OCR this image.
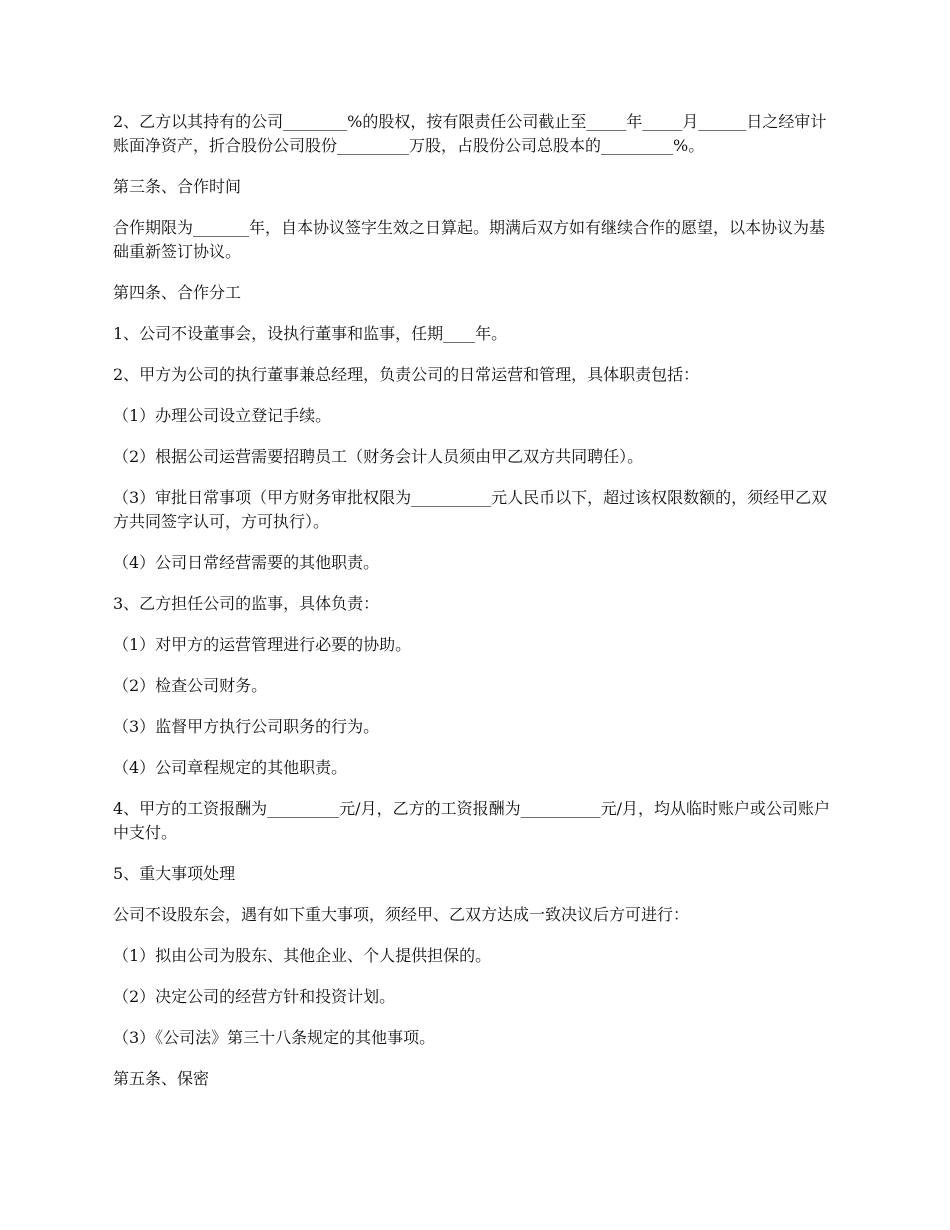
2、乙方以其持有的公司________%的股权，按有限责任公司截止至_____年_____月______日之经审计账面净资产，折合股份公司股份_________万股，占股份公司总股本的_________%。

第三条、合作时间

合作期限为_______年，自本协议签字生效之日算起。期满后双方如有继续合作的愿望，以本协议为基础重新签订协议。

第四条、合作分工

1、公司不设董事会，设执行董事和监事，任期____年。

2、甲方为公司的执行董事兼总经理，负责公司的日常运营和管理，具体职责包括：

（1）办理公司设立登记手续。

（2）根据公司运营需要招聘员工（财务会计人员须由甲乙双方共同聘任）。

（3）审批日常事项（甲方财务审批权限为__________元人民币以下，超过该权限数额的，须经甲乙双方共同签字认可，方可执行）。

（4）公司日常经营需要的其他职责。

3、乙方担任公司的监事，具体负责：

（1）对甲方的运营管理进行必要的协助。

（2）检查公司财务。

（3）监督甲方执行公司职务的行为。

（4）公司章程规定的其他职责。

4、甲方的工资报酬为_________元/月，乙方的工资报酬为__________元/月，均从临时账户或公司账户中支付。

5、重大事项处理

公司不设股东会，遇有如下重大事项，须经甲、乙双方达成一致决议后方可进行：

（1）拟由公司为股东、其他企业、个人提供担保的。

（2）决定公司的经营方针和投资计划。

（3）《公司法》第三十八条规定的其他事项。

第五条、保密
